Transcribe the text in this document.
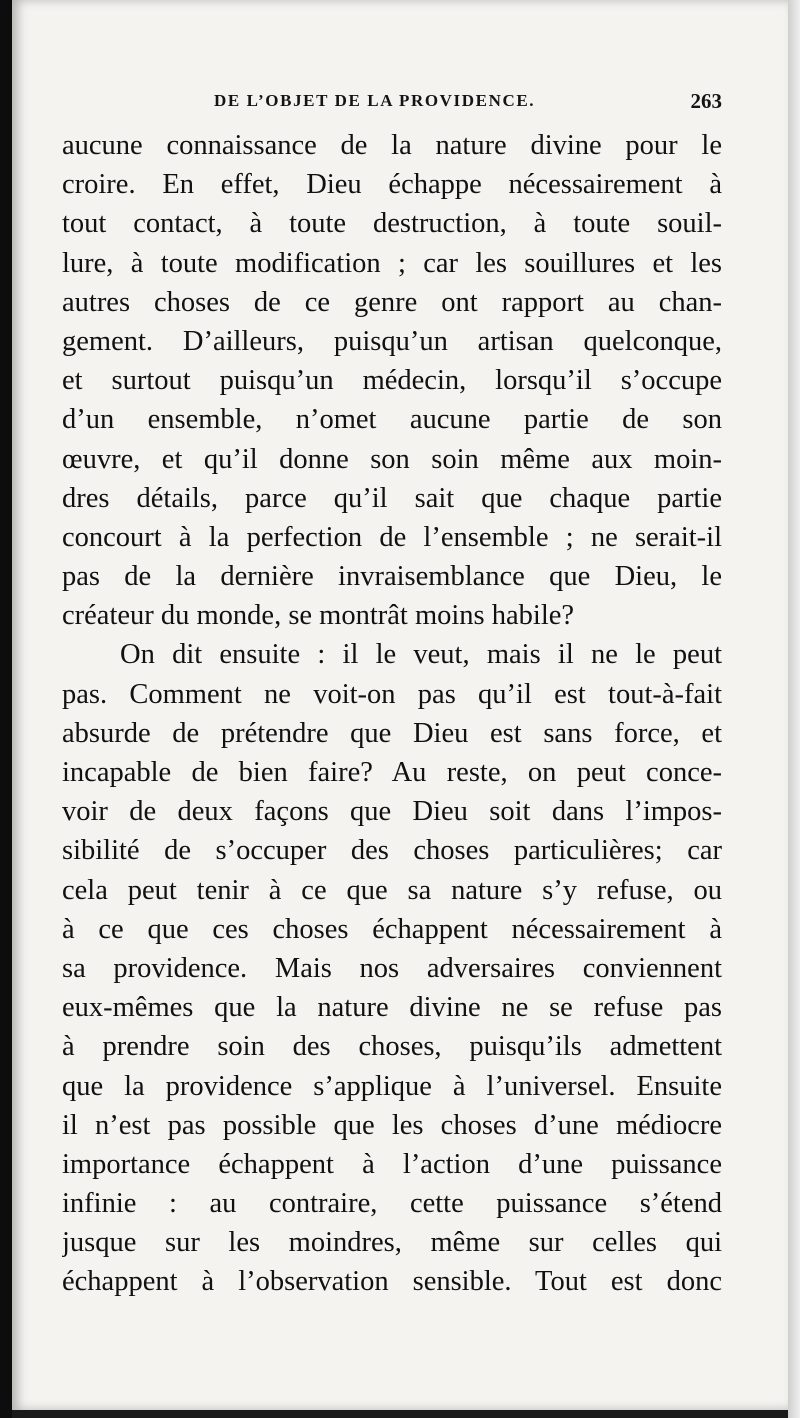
DE L’OBJET DE LA PROVIDENCE.	263
aucune connaissance de la nature divine pour le
croire. En effet, Dieu échappe nécessairement à
tout contact, à toute destruction, à toute souil-
lure, à toute modification ; car les souillures et les
autres choses de ce genre ont rapport au chan-
gement. D’ailleurs, puisqu’un artisan quelconque,
et surtout puisqu’un médecin, lorsqu’il s’occupe
d’un ensemble, n’omet aucune partie de son
œuvre, et qu’il donne son soin même aux moin-
dres détails, parce qu’il sait que chaque partie
concourt à la perfection de l’ensemble ; ne serait-il
pas de la dernière invraisemblance que Dieu, le
créateur du monde, se montrât moins habile?
On dit ensuite : il le veut, mais il ne le peut
pas. Comment ne voit-on pas qu’il est tout-à-fait
absurde de prétendre que Dieu est sans force, et
incapable de bien faire? Au reste, on peut conce-
voir de deux façons que Dieu soit dans l’impos-
sibilité de s’occuper des choses particulières; car
cela peut tenir à ce que sa nature s’y refuse, ou
à ce que ces choses échappent nécessairement à
sa providence. Mais nos adversaires conviennent
eux-mêmes que la nature divine ne se refuse pas
à prendre soin des choses, puisqu’ils admettent
que la providence s’applique à l’universel. Ensuite
il n’est pas possible que les choses d’une médiocre
importance échappent à l’action d’une puissance
infinie : au contraire, cette puissance s’étend
jusque sur les moindres, même sur celles qui
échappent à l’observation sensible. Tout est donc
